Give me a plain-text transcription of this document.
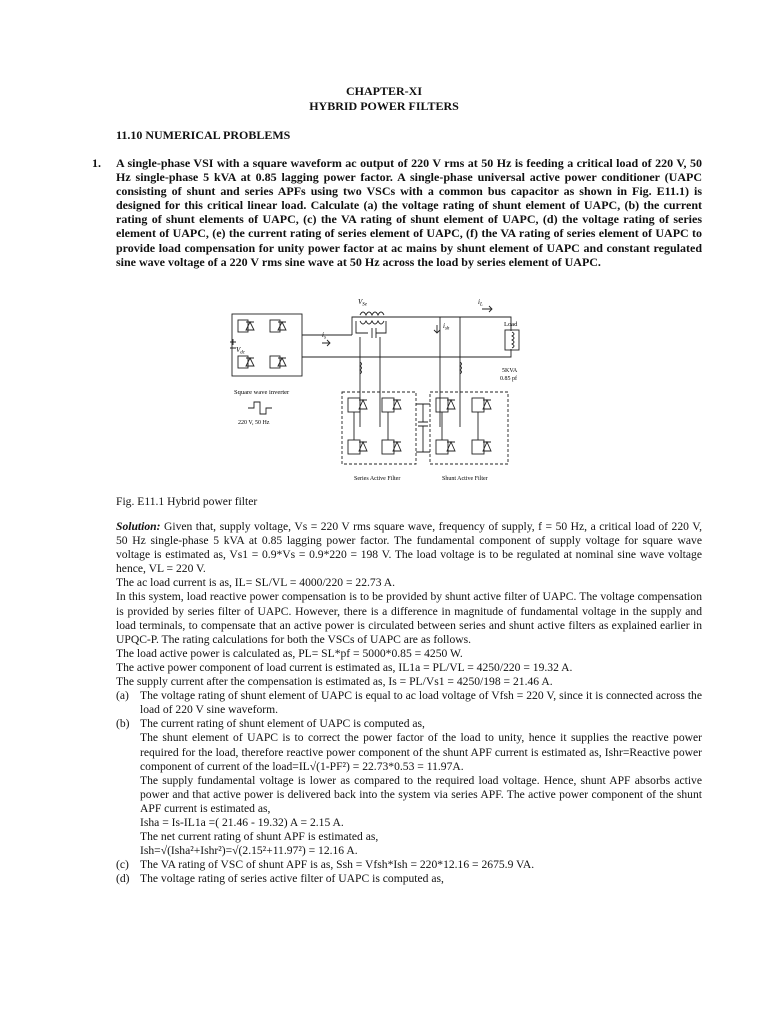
CHAPTER-XI
HYBRID POWER FILTERS
11.10 NUMERICAL PROBLEMS
1. A single-phase VSI with a square waveform ac output of 220 V rms at 50 Hz is feeding a critical load of 220 V, 50 Hz single-phase 5 kVA at 0.85 lagging power factor. A single-phase universal active power conditioner (UAPC consisting of shunt and series APFs using two VSCs with a common bus capacitor as shown in Fig. E11.1) is designed for this critical linear load. Calculate (a) the voltage rating of shunt element of UAPC, (b) the current rating of shunt elements of UAPC, (c) the VA rating of shunt element of UAPC, (d) the voltage rating of series element of UAPC, (e) the current rating of series element of UAPC, (f) the VA rating of series element of UAPC to provide load compensation for unity power factor at ac mains by shunt element of UAPC and constant regulated sine wave voltage of a 220 V rms sine wave at 50 Hz across the load by series element of UAPC.
$V_{Se}$	$i_L$
$i_s$
$i_{sh}$
$V_{dc}$
Load
5KVA
0.85 pf
Square wave inverter
220 V, 50 Hz
Series Active Filter	Shunt Active Filter
Fig. E11.1 Hybrid power filter

Solution: Given that, supply voltage, Vs = 220 V rms square wave, frequency of supply, f = 50 Hz, a critical load of 220 V, 50 Hz single-phase 5 kVA at 0.85 lagging power factor. The fundamental component of supply voltage for square wave voltage is estimated as, Vs1 = 0.9*Vs = 0.9*220 = 198 V. The load voltage is to be regulated at nominal sine wave voltage hence, VL = 220 V.

The ac load current is as, IL= SL/VL = 4000/220 = 22.73 A.

In this system, load reactive power compensation is to be provided by shunt active filter of UAPC. The voltage compensation is provided by series filter of UAPC. However, there is a difference in magnitude of fundamental voltage in the supply and load terminals, to compensate that an active power is circulated between series and shunt active filters as explained earlier in UPQC-P. The rating calculations for both the VSCs of UAPC are as follows.

The load active power is calculated as, PL= SL*pf = 5000*0.85 = 4250 W.

The active power component of load current is estimated as, IL1a = PL/VL = 4250/220 = 19.32 A.

The supply current after the compensation is estimated as, Is = PL/Vs1 = 4250/198 = 21.46 A.

(a) The voltage rating of shunt element of UAPC is equal to ac load voltage of Vfsh = 220 V, since it is connected across the load of 220 V sine waveform.
(b) The current rating of shunt element of UAPC is computed as,

The shunt element of UAPC is to correct the power factor of the load to unity, hence it supplies the reactive power required for the load, therefore reactive power component of the shunt APF current is estimated as, Ishr=Reactive power component of current of the load=IL√(1-PF²) = 22.73*0.53 = 11.97A.

The supply fundamental voltage is lower as compared to the required load voltage. Hence, shunt APF absorbs active power and that active power is delivered back into the system via series APF. The active power component of the shunt APF current is estimated as,

Isha = Is-IL1a =( 21.46 - 19.32) A = 2.15 A.

The net current rating of shunt APF is estimated as,

Ish=√(Isha²+Ishr²)=√(2.15²+11.97²) = 12.16 A.

(c) The VA rating of VSC of shunt APF is as, Ssh = Vfsh*Ish = 220*12.16 = 2675.9 VA.
(d) The voltage rating of series active filter of UAPC is computed as,
